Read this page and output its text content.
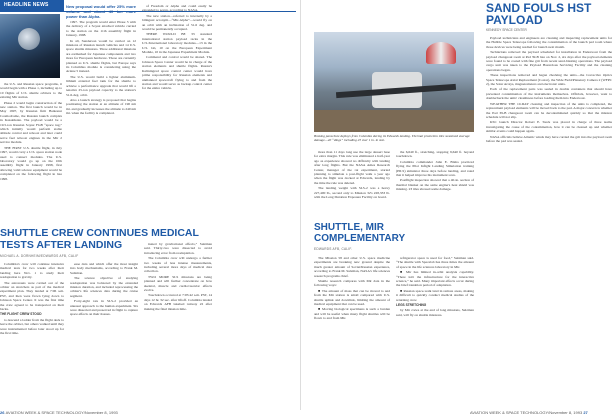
HEADLINE NEWS

the U.S. and Russian space programs, it would begin with a Phase 1, including up to 10 flights of U.S. shuttle orbiters to the existing Mir station.

Phase 2 would begin construction of the new station. The first launch would be in May 1997, by Russian firm Baikonur Cosmodrome, the Russian launch complex in Kazakhstan. The payload would be a 19.5-ton Russian Soyuz FGB “space tug,” which initially would perform stable altitude control and reboost and later could serve fuel reboost engines in the Mir 2 service module.

THE FIRST U.S. shuttle flight, in July 1997, would carry a U.S. space station node used to connect modules. The U.S. laboratory would go up on the 10th assembly flight in January 1998, first allowing valid science equipment would be completed on the following flight in late 1998.

New proposal would offer 25% more volume and about 40 km more power than Alpha.

1997. The program would enter Phase 3 with the delivery of a Soyuz attached vehicle carried to the station on the 11th assembly flight in January, 1998.

In all, Sunderson would be carried on 12 missions of Russian launch vehicles and 14 U.S. space shuttle missions. Three additional missions are earmarked for Japanese components and two more for European hardware. Those are currently planned as U.S. shuttle flights, but Europe says its Columbus module is considering using the Ariane 5 instead.

The U.S. would build a lighter aluminum-lithium external fuel tank for the shuttle to achieve a performance upgrade that would lift a tenative 25-ton payload capacity to the station's 51.6-deg. orbit.

Also a launch strategy is proposed that begins positioning the station at an altitude of 190 nm mi. and gradually increases the altitude to 240 nm mi. when the facility is completed.

of Freedom or Alpha and could easily be expanded to seven, according to NASA.

The new station—referred to internally by a bilingual acronym—“Mir-Alpha”—would fly on an orbit with an inclination of 51.6 deg. and would be permanently occupied.

THERE WOULD BE 33 standard international station payload racks in the U.S./International laboratory modules—13 in the U.S. lab, 10 on the European Experiment Module, 10 in the Japanese Experiment Module.

Command and control would be shared. The Johnson Space Center would be in charge of the station elements and shuttle flights. Russia's Kaliningrad space control center would have prime responsibility for Russian elements and unmanned spacecraft flying to and from the station and would serve as backup control center for the entire vehicle.

SHUTTLE CREW CONTINUES MEDICAL TESTS AFTER LANDING
MICHAEL A. DORNHEIM/EDWARDS AFB, CALIF

Columbia's crew will continue intensive medical tests for two weeks after their landing here Nov. 1 to study their readaptation to gravity.

The astronauts were carried out of the orbiter on stretchers as part of the medical experiment plan. They landed at 7:06 a.m. PST, and then were flown lying down to Johnson Space Center. It was the first time the crew agreed to be transported on their backs.

THE FLIGHT CREW STOOD

to descend a ladder from the flight deck to leave the orbiter, but others walked until they were instrumented before later stood up for the first time.

ease data and which offer the most insight into body mechanisms, according to Frank M. Sulzman.

The science objective of studying readaptation was bolstered by the extended mission duration, and included reprocessing the orbiter's life sciences data during the cruise segment.

Forty-eight rats in SLS-2 provided an unusual approach to the human experiment. Six were dissected and preserved in flight to capture space effects on their tissues.

inated by gravitational effects,” Sulzman said. Thirty-two were dissected to avoid introducing error from readaptation.

The Columbia crew will undergo a further two weeks of less intense measurements, including several more days of medical data collection.

TWO MORE SLS missions are being planned and will further concentrate on how skeletal, muscle and cardiovascular effects evolve.

Touchdown occurred at 7:05:42 a.m. PST, 14 days 12 hr. 32 sec. after liftoff. Columbia landed on Edwards AFB lakebed runway 22 after making the final mission time.

Braking parachute deploys from Columbia during its Edwards landing. Thermal protection tiles sustained average damage—40 “dings” including 23 over 1 in. in size.

more than 11 days long use the large dessert base for extra margin. This rule was eliminated a half-year ago as experience showed no difficulty with landing after long flights. But the NASA Ames Research Center, manager of the rat experiment, started planning to simulate a post-flight walk a year ago when the flight was docked at Edwards, landing by the time the rule was deleted.

The landing weight with SLS-2 was a heavy 227,400 lb., second only to Mission 32's 228,333 lb. with the Long Duration Exposure Facility on board.

the 6,640 ft., stretching, stopping 9,640 ft. beyond touchdown.

Columbia commander John E. Blaha practiced flying the Pilot Infight Landing Simulation training (PILS) simulator three days before landing, and rated that it helped improve his instrument scan.

Postflight inspection showed that a 40-in. section of thermal blanket on the same engine's heat shield was missing. 23 tiles showed some damage.

SHUTTLE, MIR COMPLEMENTARY
EDWARDS AFB, CALIF.

The Mission 58 and other U.S. space medicine experiments are breaking new ground despite the much greater amount of Soviet/Russian experience, according to Frank M. Sulzman, NASA's life sciences research programs chief.

Shuttle research compares with Mir data in the following ways:

■ The amount of mass that can be moved to and from the Mir station is small compared with U.S. shuttle uplink and downlink, limiting the amount of medical equipment that can be used.

■ Moving biological specimens is such a burden and will be useful when many flight shuttles will be flown to and from Mir.

refrigerator space is used for food,” Sulzman said. “The shuttle with Spacelab has three times the amount of space in the life sciences laboratory in Mir.

■ Mir has limited in-orbit analysis capability. “There isn't the infrastructure for the interactive science,” he said. Many important effects occur during the brief transition period of adaptation.

■ Russian space-walk land in remote areas, making it difficult to quickly conduct medical studies of the returning crew.

LEGS STRETCHING

by Mir crews at the end of long missions, Sulzman said, will fly on shuttle missions.

SAND FOULS HST PAYLOAD
KENNEDY SPACE CENTER

Payload technicians and engineers are cleaning and inspecting replacement units for the Hubble Space Telescope following the contamination of the launch pad room where those devices were being readied for launch next month.

Technicians removed the payload scheduled for installation in Endeavour from the payload changeout room at Pad 39-B late on Nov. 2, six days after the payload elements were found to be coated with fine grit from recent sand-blasting operations. The payload cargo unit was taken to the Payload Hazardous Servicing Facility and the cleaning operations began.

These inspections removed and began checking the units—the Corrective Optics Space Telescope Axial Replacement (Costar), the Wide Field/Planetary Camera 2 (WFPC 2), the Solar Arrays, magnetometers and electronic units.

Each of the replacement parts was sealed in double containers that should have prevented contamination of the instruments themselves. Officials, however, want to doublecheck the units' cleanliness before loading them into Endeavour.

WEATHER THE 10-DAY cleaning and inspection of the units is completed, the replacement payload elements will be moved back to the pad. A major concern is whether the Pad 39-B changeout room can be decontaminated quickly so that the mission schedule will not slip.

KSC launch Director Robert E. Sieck was placed in charge of three teams investigating the cause of the contamination, how it can be cleaned up and whether similar events could happen again.

NASA officials believe Atlantic winds may have carried the grit into the payload room before the pad was sealed.

26 AVIATION WEEK & SPACE TECHNOLOGY/November 8, 1993	AVIATION WEEK & SPACE TECHNOLOGY/November 8, 1993 27
